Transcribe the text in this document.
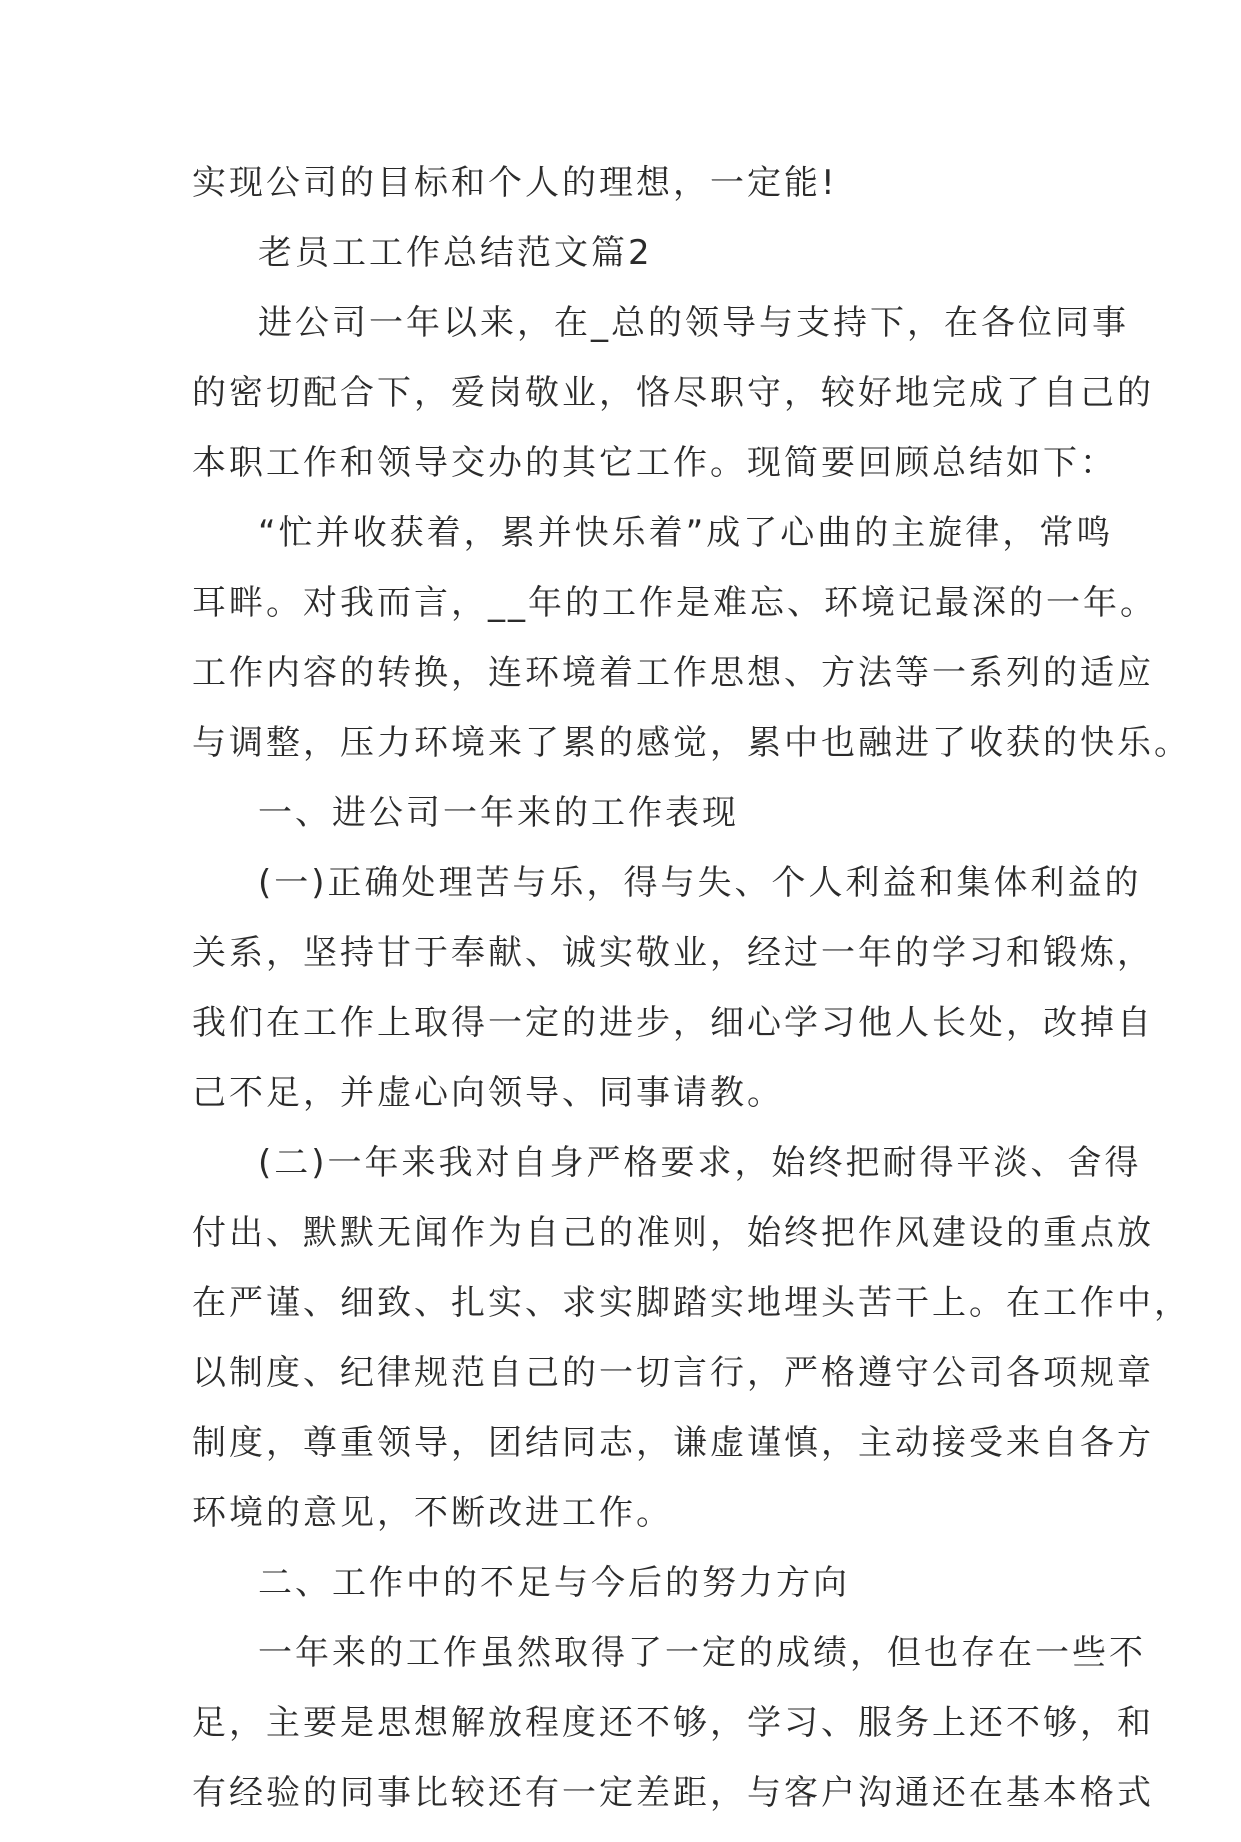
实现公司的目标和个人的理想，一定能!
老员工工作总结范文篇2
进公司一年以来，在_总的领导与支持下，在各位同事
的密切配合下，爱岗敬业，恪尽职守，较好地完成了自己的
本职工作和领导交办的其它工作。现简要回顾总结如下：
“忙并收获着，累并快乐着”成了心曲的主旋律，常鸣
耳畔。对我而言，__年的工作是难忘、环境记最深的一年。
工作内容的转换，连环境着工作思想、方法等一系列的适应
与调整，压力环境来了累的感觉，累中也融进了收获的快乐。
一、进公司一年来的工作表现
(一)正确处理苦与乐，得与失、个人利益和集体利益的
关系，坚持甘于奉献、诚实敬业，经过一年的学习和锻炼，
我们在工作上取得一定的进步，细心学习他人长处，改掉自
己不足，并虚心向领导、同事请教。
(二)一年来我对自身严格要求，始终把耐得平淡、舍得
付出、默默无闻作为自己的准则，始终把作风建设的重点放
在严谨、细致、扎实、求实脚踏实地埋头苦干上。在工作中，
以制度、纪律规范自己的一切言行，严格遵守公司各项规章
制度，尊重领导，团结同志，谦虚谨慎，主动接受来自各方
环境的意见，不断改进工作。
二、工作中的不足与今后的努力方向
一年来的工作虽然取得了一定的成绩，但也存在一些不
足，主要是思想解放程度还不够，学习、服务上还不够，和
有经验的同事比较还有一定差距，与客户沟通还在基本格式
